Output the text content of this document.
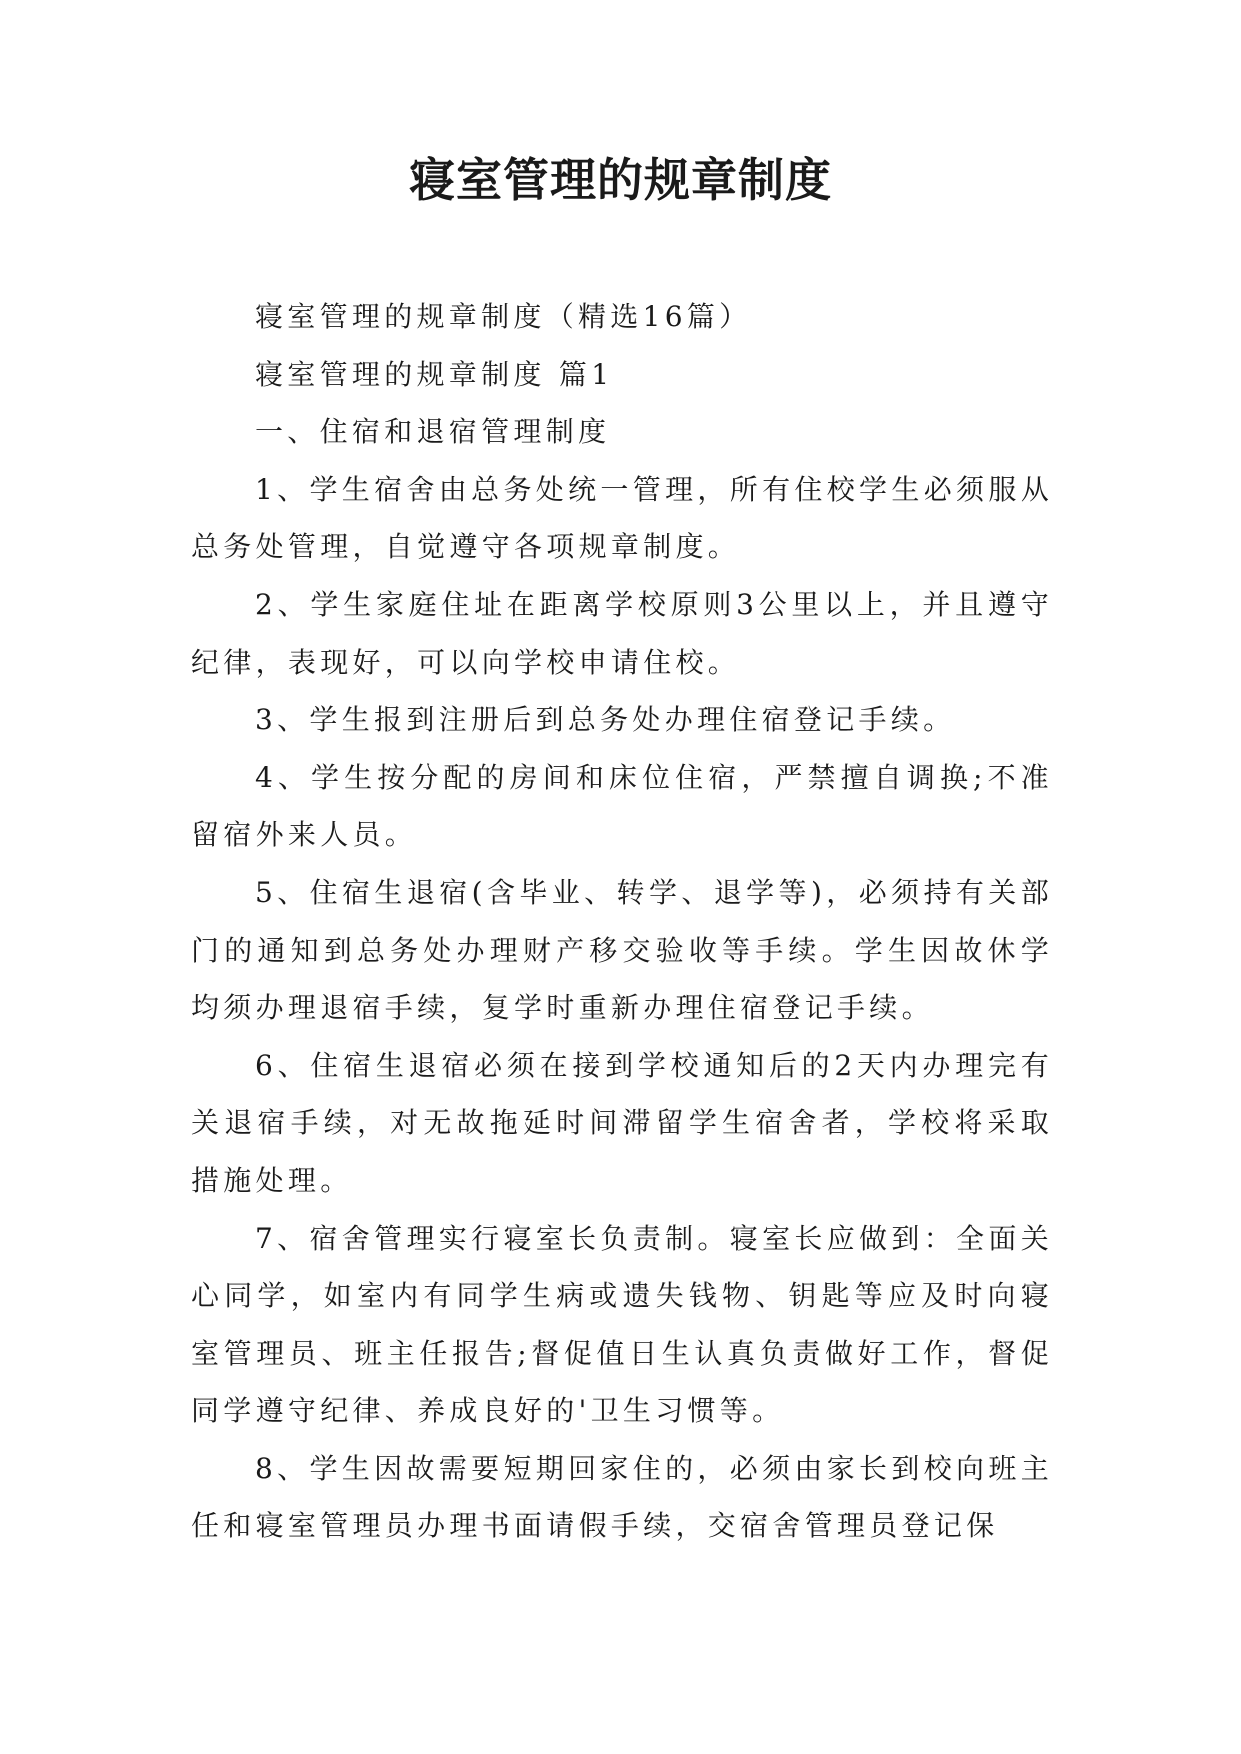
寝室管理的规章制度

寝室管理的规章制度（精选16篇）

寝室管理的规章制度 篇1

一、住宿和退宿管理制度

1、学生宿舍由总务处统一管理，所有住校学生必须服从总务处管理，自觉遵守各项规章制度。

2、学生家庭住址在距离学校原则3公里以上，并且遵守纪律，表现好，可以向学校申请住校。

3、学生报到注册后到总务处办理住宿登记手续。

4、学生按分配的房间和床位住宿，严禁擅自调换;不准留宿外来人员。

5、住宿生退宿(含毕业、转学、退学等)，必须持有关部门的通知到总务处办理财产移交验收等手续。学生因故休学均须办理退宿手续，复学时重新办理住宿登记手续。

6、住宿生退宿必须在接到学校通知后的2天内办理完有关退宿手续，对无故拖延时间滞留学生宿舍者，学校将采取措施处理。

7、宿舍管理实行寝室长负责制。寝室长应做到：全面关心同学，如室内有同学生病或遗失钱物、钥匙等应及时向寝室管理员、班主任报告;督促值日生认真负责做好工作，督促同学遵守纪律、养成良好的'卫生习惯等。

8、学生因故需要短期回家住的，必须由家长到校向班主任和寝室管理员办理书面请假手续，交宿舍管理员登记保
